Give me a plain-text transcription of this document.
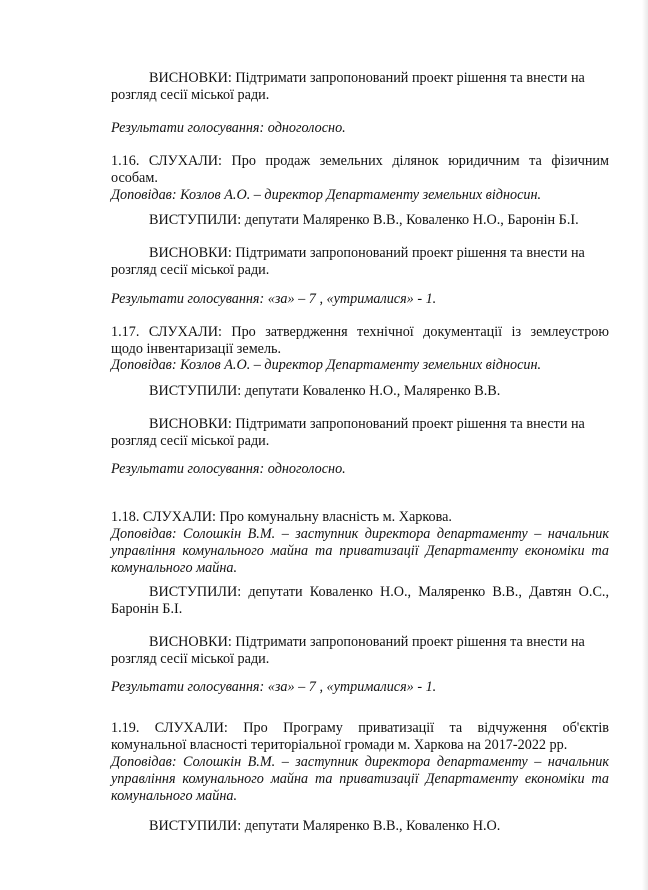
ВИСНОВКИ: Підтримати запропонований проект рішення та внести на
розгляд сесії міської ради.
Результати голосування: одноголосно.
1.16. СЛУХАЛИ: Про продаж земельних ділянок юридичним та фізичним
особам.
Доповідав: Козлов А.О. – директор Департаменту земельних відносин.
ВИСТУПИЛИ: депутати Маляренко В.В., Коваленко Н.О., Баронін Б.І.
ВИСНОВКИ: Підтримати запропонований проект рішення та внести на
розгляд сесії міської ради.
Результати голосування: «за» – 7 , «утрималися» - 1.
1.17. СЛУХАЛИ: Про затвердження технічної документації із землеустрою
щодо інвентаризації земель.
Доповідав: Козлов А.О. – директор Департаменту земельних відносин.
ВИСТУПИЛИ: депутати Коваленко Н.О., Маляренко В.В.
ВИСНОВКИ: Підтримати запропонований проект рішення та внести на
розгляд сесії міської ради.
Результати голосування: одноголосно.
1.18. СЛУХАЛИ: Про комунальну власність м. Харкова.
Доповідав: Солошкін В.М. – заступник директора департаменту – начальник
управління комунального майна та приватизації Департаменту економіки та
комунального майна.
ВИСТУПИЛИ: депутати Коваленко Н.О., Маляренко В.В., Давтян О.С.,
Баронін Б.І.
ВИСНОВКИ: Підтримати запропонований проект рішення та внести на
розгляд сесії міської ради.
Результати голосування: «за» – 7 , «утрималися» - 1.
1.19. СЛУХАЛИ: Про Програму приватизації та відчуження об'єктів
комунальної власності територіальної громади м. Харкова на 2017-2022 рр.
Доповідав: Солошкін В.М. – заступник директора департаменту – начальник
управління комунального майна та приватизації Департаменту економіки та
комунального майна.
ВИСТУПИЛИ: депутати Маляренко В.В., Коваленко Н.О.
